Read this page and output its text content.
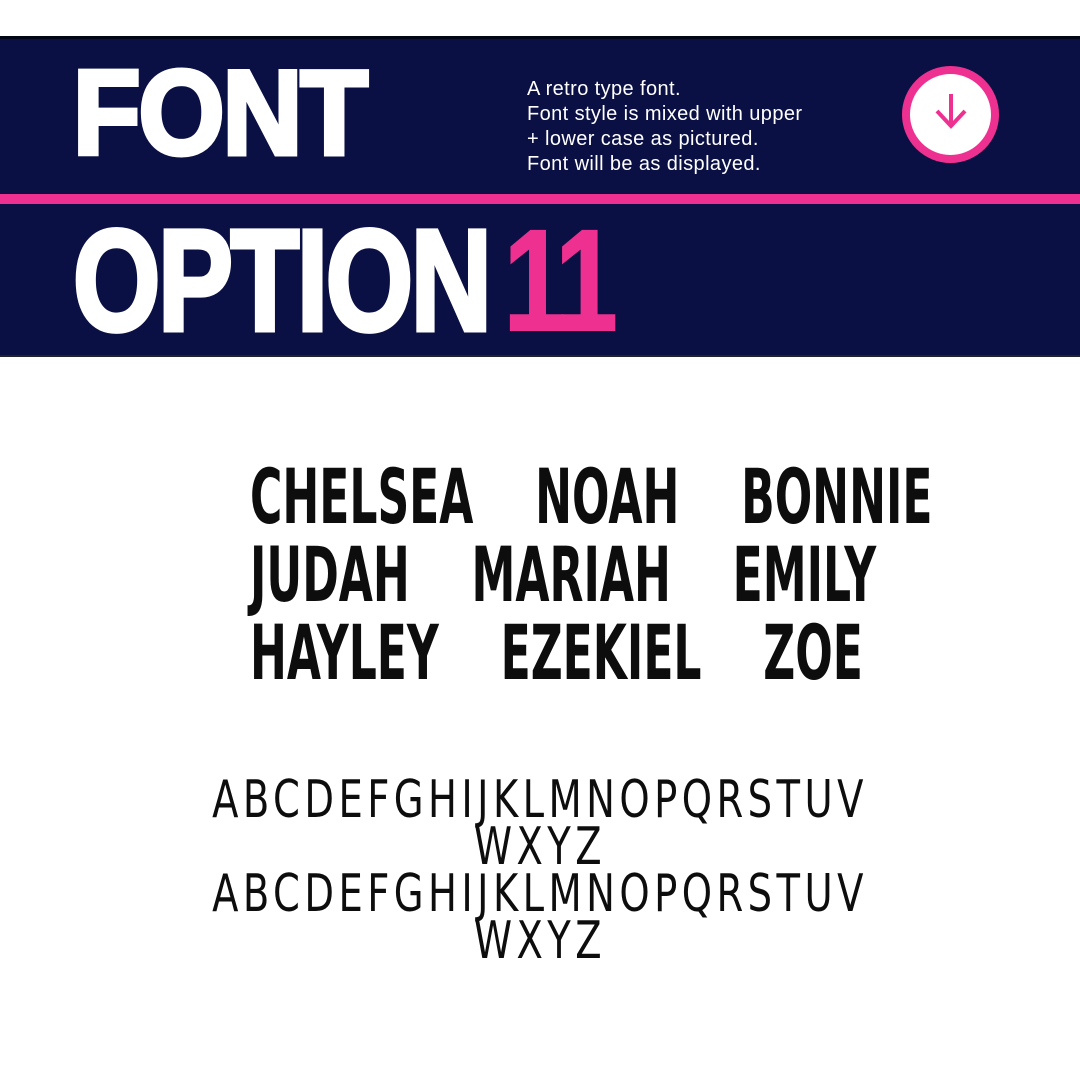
FONT	A retro type font.
Font style is mixed with upper
+ lower case as pictured.
Font will be as displayed.
OPTION11
CHELSEA NOAH BONNIE
JUDAH MARIAH EMILY
HAYLEY EZEKIEL ZOE
ABCDEFGHIJKLMNOPQRSTUV
WXYZ
ABCDEFGHIJKLMNOPQRSTUV
WXYZ
